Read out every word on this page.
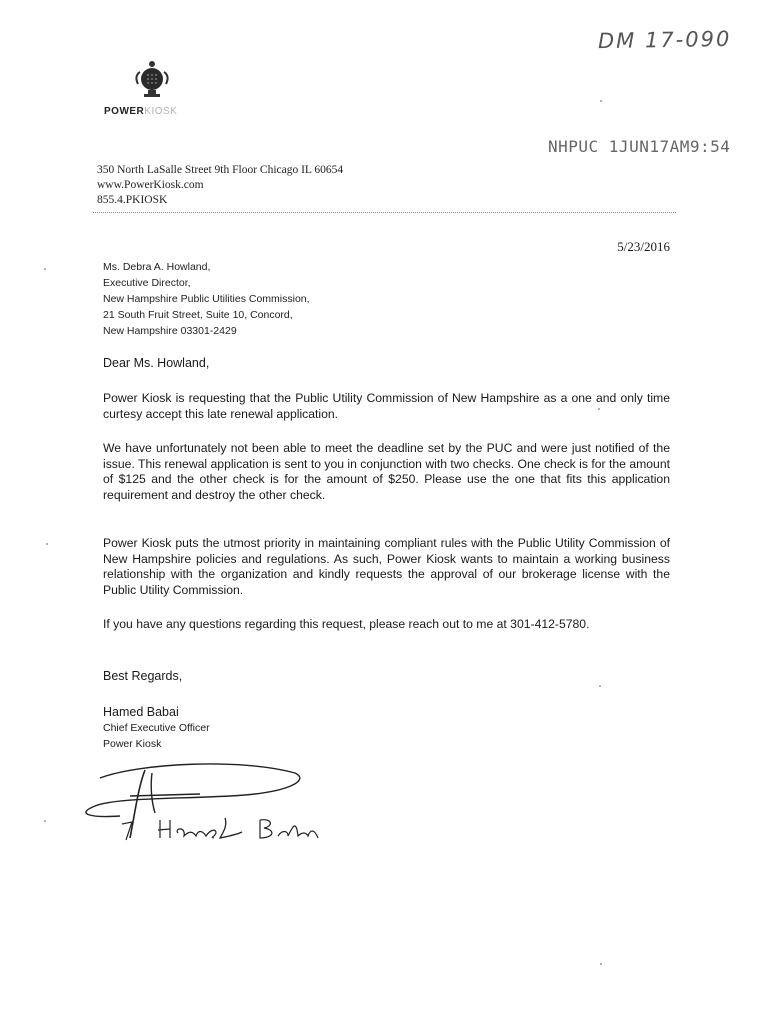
DM 17-090
POWERKIOSK
NHPUC 1JUN17AM9:54
350 North LaSalle Street 9th Floor Chicago IL 60654
www.PowerKiosk.com
855.4.PKIOSK
5/23/2016
Ms. Debra A. Howland,
Executive Director,
New Hampshire Public Utilities Commission,
21 South Fruit Street, Suite 10, Concord,
New Hampshire 03301-2429
Dear Ms. Howland,
Power Kiosk is requesting that the Public Utility Commission of New Hampshire as a one and only time curtesy accept this late renewal application.
We have unfortunately not been able to meet the deadline set by the PUC and were just notified of the issue. This renewal application is sent to you in conjunction with two checks. One check is for the amount of $125 and the other check is for the amount of $250. Please use the one that fits this application requirement and destroy the other check.
Power Kiosk puts the utmost priority in maintaining compliant rules with the Public Utility Commission of New Hampshire policies and regulations. As such, Power Kiosk wants to maintain a working business relationship with the organization and kindly requests the approval of our brokerage license with the Public Utility Commission.
If you have any questions regarding this request, please reach out to me at 301-412-5780.
Best Regards,
Hamed Babai
Chief Executive Officer
Power Kiosk
